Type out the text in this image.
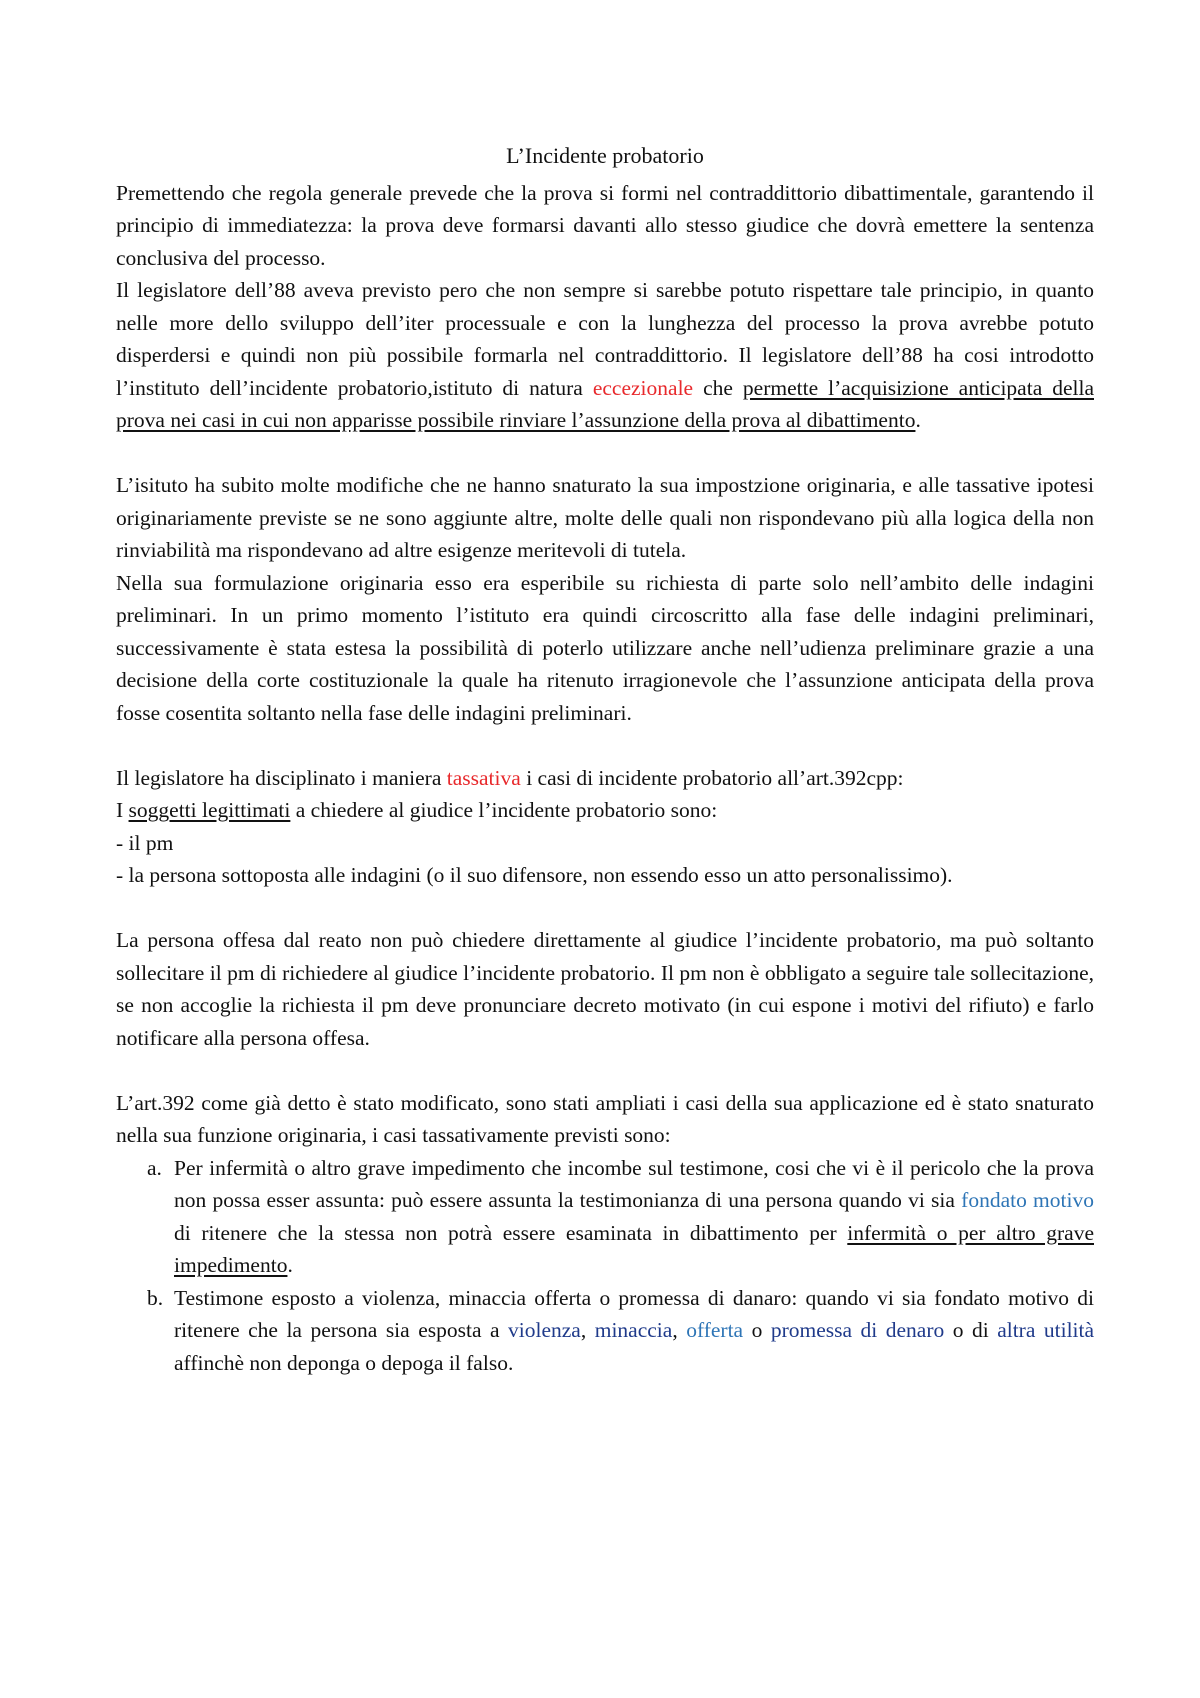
L’Incidente probatorio

Premettendo che regola generale prevede che la prova si formi nel contraddittorio dibattimentale, garantendo il principio di immediatezza: la prova deve formarsi davanti allo stesso giudice che dovrà emettere la sentenza conclusiva del processo.

Il legislatore dell’88 aveva previsto pero che non sempre si sarebbe potuto rispettare tale principio, in quanto nelle more dello sviluppo dell’iter processuale e con la lunghezza del processo la prova avrebbe potuto disperdersi e quindi non più possibile formarla nel contraddittorio. Il legislatore dell’88 ha cosi introdotto l’instituto dell’incidente probatorio,istituto di natura eccezionale che permette l’acquisizione anticipata della prova nei casi in cui non apparisse possibile rinviare l’assunzione della prova al dibattimento.

L’isituto ha subito molte modifiche che ne hanno snaturato la sua impostzione originaria, e alle tassative ipotesi originariamente previste se ne sono aggiunte altre, molte delle quali non rispondevano più alla logica della non rinviabilità ma rispondevano ad altre esigenze meritevoli di tutela.

Nella sua formulazione originaria esso era esperibile su richiesta di parte solo nell’ambito delle indagini preliminari. In un primo momento l’istituto era quindi circoscritto alla fase delle indagini preliminari, successivamente è stata estesa la possibilità di poterlo utilizzare anche nell’udienza preliminare grazie a una decisione della corte costituzionale la quale ha ritenuto irragionevole che l’assunzione anticipata della prova fosse cosentita soltanto nella fase delle indagini preliminari.

Il legislatore ha disciplinato i maniera tassativa i casi di incidente probatorio all’art.392cpp:

I soggetti legittimati a chiedere al giudice l’incidente probatorio sono:

- il pm

- la persona sottoposta alle indagini (o il suo difensore, non essendo esso un atto personalissimo).

La persona offesa dal reato non può chiedere direttamente al giudice l’incidente probatorio, ma può soltanto sollecitare il pm di richiedere al giudice l’incidente probatorio. Il pm non è obbligato a seguire tale sollecitazione, se non accoglie la richiesta il pm deve pronunciare decreto motivato (in cui espone i motivi del rifiuto) e farlo notificare alla persona offesa.

L’art.392 come già detto è stato modificato, sono stati ampliati i casi della sua applicazione ed è stato snaturato nella sua funzione originaria, i casi tassativamente previsti sono:

a. Per infermità o altro grave impedimento che incombe sul testimone, cosi che vi è il pericolo che la prova non possa esser assunta: può essere assunta la testimonianza di una persona quando vi sia fondato motivo di ritenere che la stessa non potrà essere esaminata in dibattimento per infermità o per altro grave impedimento.
b. Testimone esposto a violenza, minaccia offerta o promessa di danaro: quando vi sia fondato motivo di ritenere che la persona sia esposta a violenza, minaccia, offerta o promessa di denaro o di altra utilità affinchè non deponga o depoga il falso.
